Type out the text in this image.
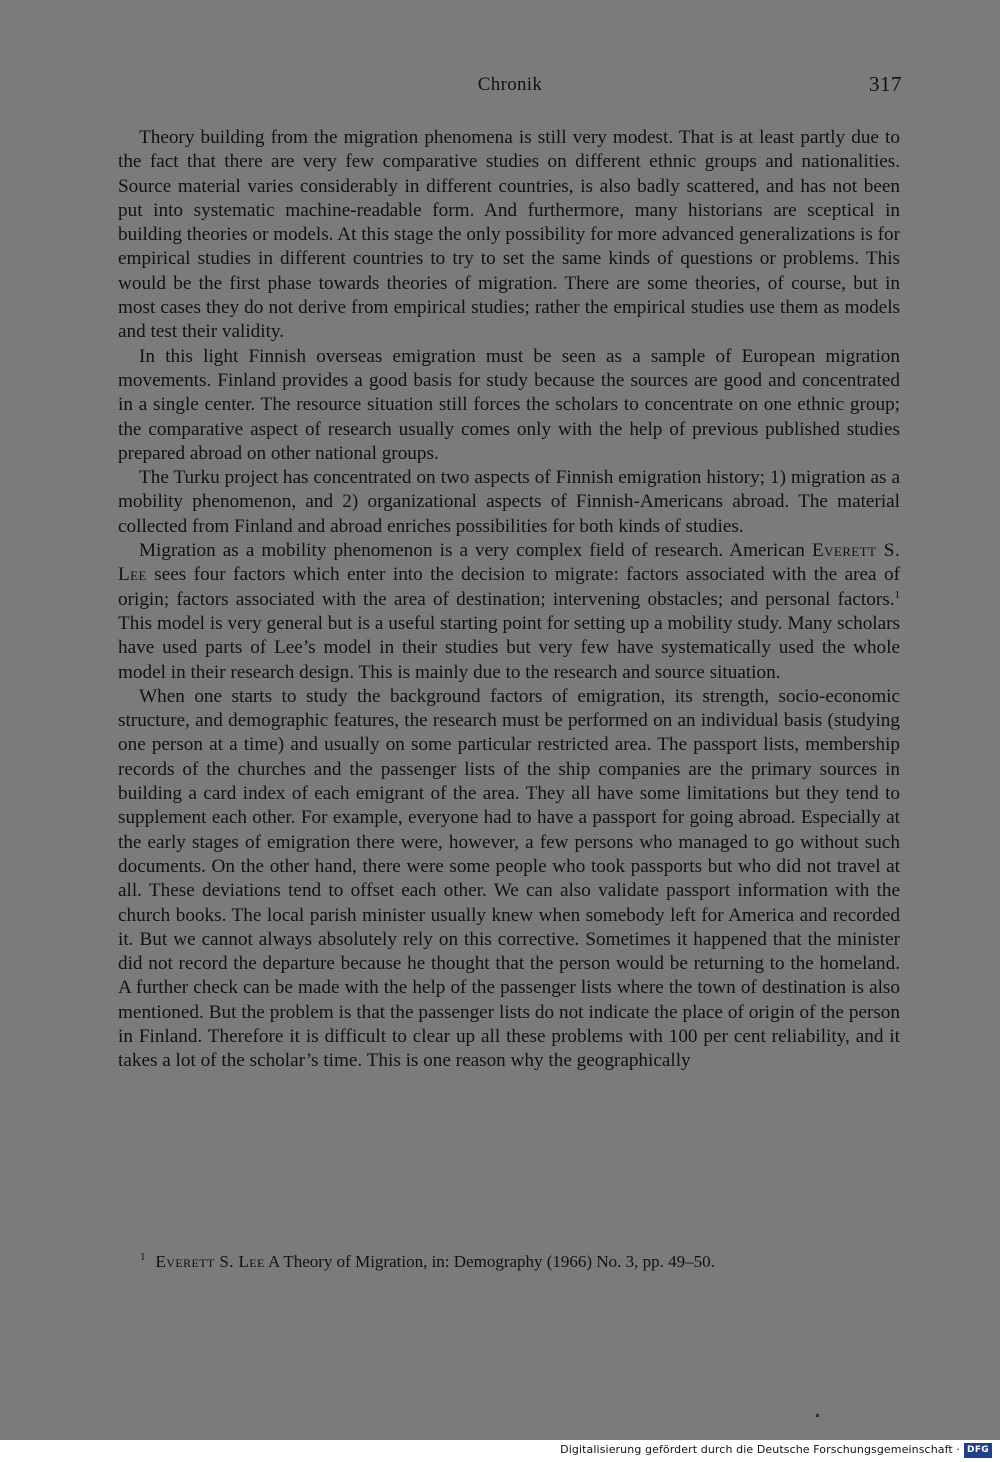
Chronik	317

Theory building from the migration phenomena is still very modest. That is at least partly due to the fact that there are very few comparative studies on different ethnic groups and nationalities. Source material varies considerably in different countries, is also badly scattered, and has not been put into systematic machine-readable form. And furthermore, many historians are sceptical in building theories or models. At this stage the only possibility for more advanced generalizations is for empirical studies in different countries to try to set the same kinds of questions or problems. This would be the first phase towards theories of migration. There are some theories, of course, but in most cases they do not derive from empirical studies; rather the empirical studies use them as models and test their validity.

In this light Finnish overseas emigration must be seen as a sample of European migration movements. Finland provides a good basis for study because the sources are good and concentrated in a single center. The resource situation still forces the scholars to concentrate on one ethnic group; the comparative aspect of research usually comes only with the help of previous published studies prepared abroad on other national groups.

The Turku project has concentrated on two aspects of Finnish emigration history; 1) migration as a mobility phenomenon, and 2) organizational aspects of Finnish-Americans abroad. The material collected from Finland and abroad enriches possibilities for both kinds of studies.

Migration as a mobility phenomenon is a very complex field of research. American Everett S. Lee sees four factors which enter into the decision to migrate: factors associated with the area of origin; factors associated with the area of destination; intervening obstacles; and personal factors.$^1$ This model is very general but is a useful starting point for setting up a mobility study. Many scholars have used parts of Lee’s model in their studies but very few have systematically used the whole model in their research design. This is mainly due to the research and source situation.

When one starts to study the background factors of emigration, its strength, socio-economic structure, and demographic features, the research must be performed on an individual basis (studying one person at a time) and usually on some particular restricted area. The passport lists, membership records of the churches and the passenger lists of the ship companies are the primary sources in building a card index of each emigrant of the area. They all have some limitations but they tend to supplement each other. For example, everyone had to have a passport for going abroad. Especially at the early stages of emigration there were, however, a few persons who managed to go without such documents. On the other hand, there were some people who took passports but who did not travel at all. These deviations tend to offset each other. We can also validate passport information with the church books. The local parish minister usually knew when somebody left for America and recorded it. But we cannot always absolutely rely on this corrective. Sometimes it happened that the minister did not record the departure because he thought that the person would be returning to the homeland. A further check can be made with the help of the passenger lists where the town of destination is also mentioned. But the problem is that the passenger lists do not indicate the place of origin of the person in Finland. Therefore it is difficult to clear up all these problems with 100 per cent reliability, and it takes a lot of the scholar’s time. This is one reason why the geographically

$^1$ Everett S. Lee A Theory of Migration, in: Demography (1966) No. 3, pp. 49–50.
Digitalisierung gefördert durch die Deutsche Forschungsgemeinschaft · DFG
